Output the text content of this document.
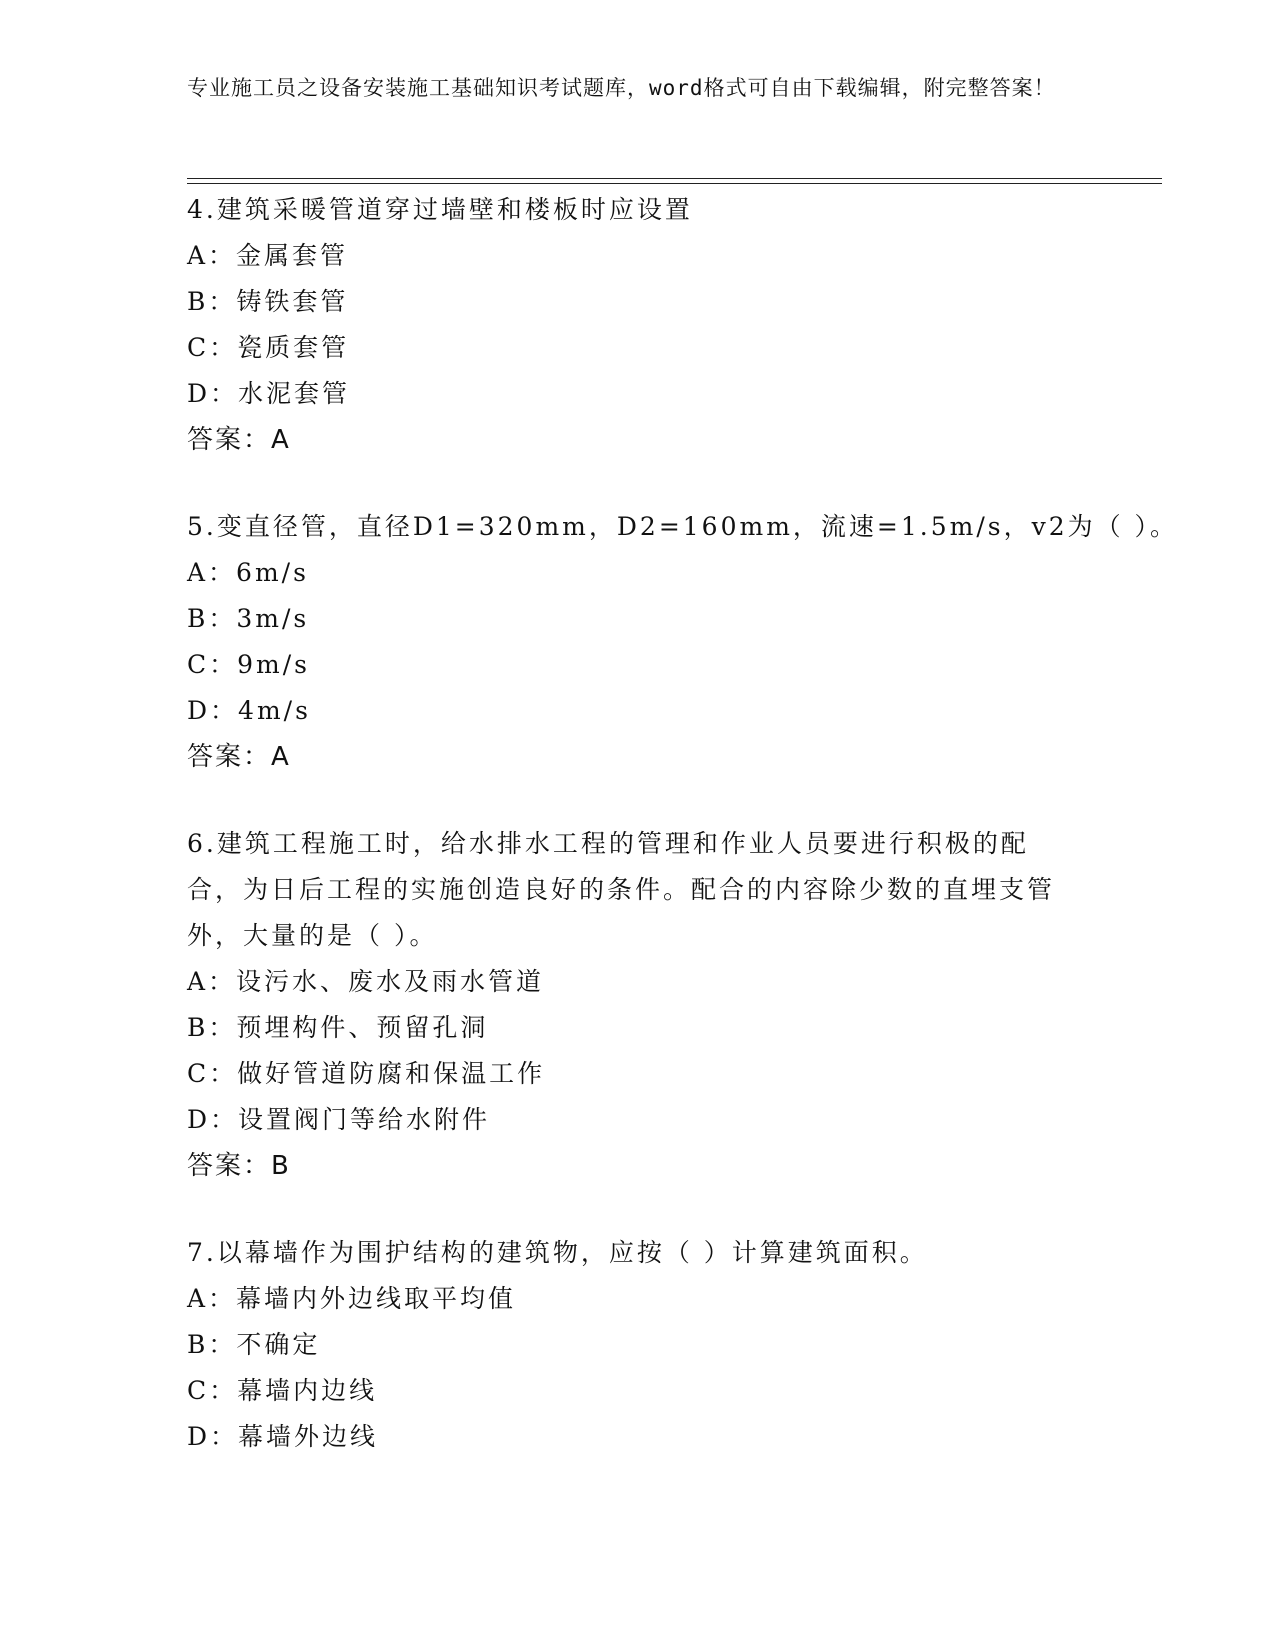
专业施工员之设备安装施工基础知识考试题库，word格式可自由下载编辑，附完整答案！
4.建筑采暖管道穿过墙壁和楼板时应设置
A：金属套管
B：铸铁套管
C：瓷质套管
D：水泥套管
答案：A
5.变直径管，直径D1=320mm，D2=160mm，流速=1.5m/s，v2为（ ）。
A：6m/s
B：3m/s
C：9m/s
D：4m/s
答案：A
6.建筑工程施工时，给水排水工程的管理和作业人员要进行积极的配合，为日后工程的实施创造良好的条件。配合的内容除少数的直埋支管外，大量的是（ ）。
A：设污水、废水及雨水管道
B：预埋构件、预留孔洞
C：做好管道防腐和保温工作
D：设置阀门等给水附件
答案：B
7.以幕墙作为围护结构的建筑物，应按（ ）计算建筑面积。
A：幕墙内外边线取平均值
B：不确定
C：幕墙内边线
D：幕墙外边线
